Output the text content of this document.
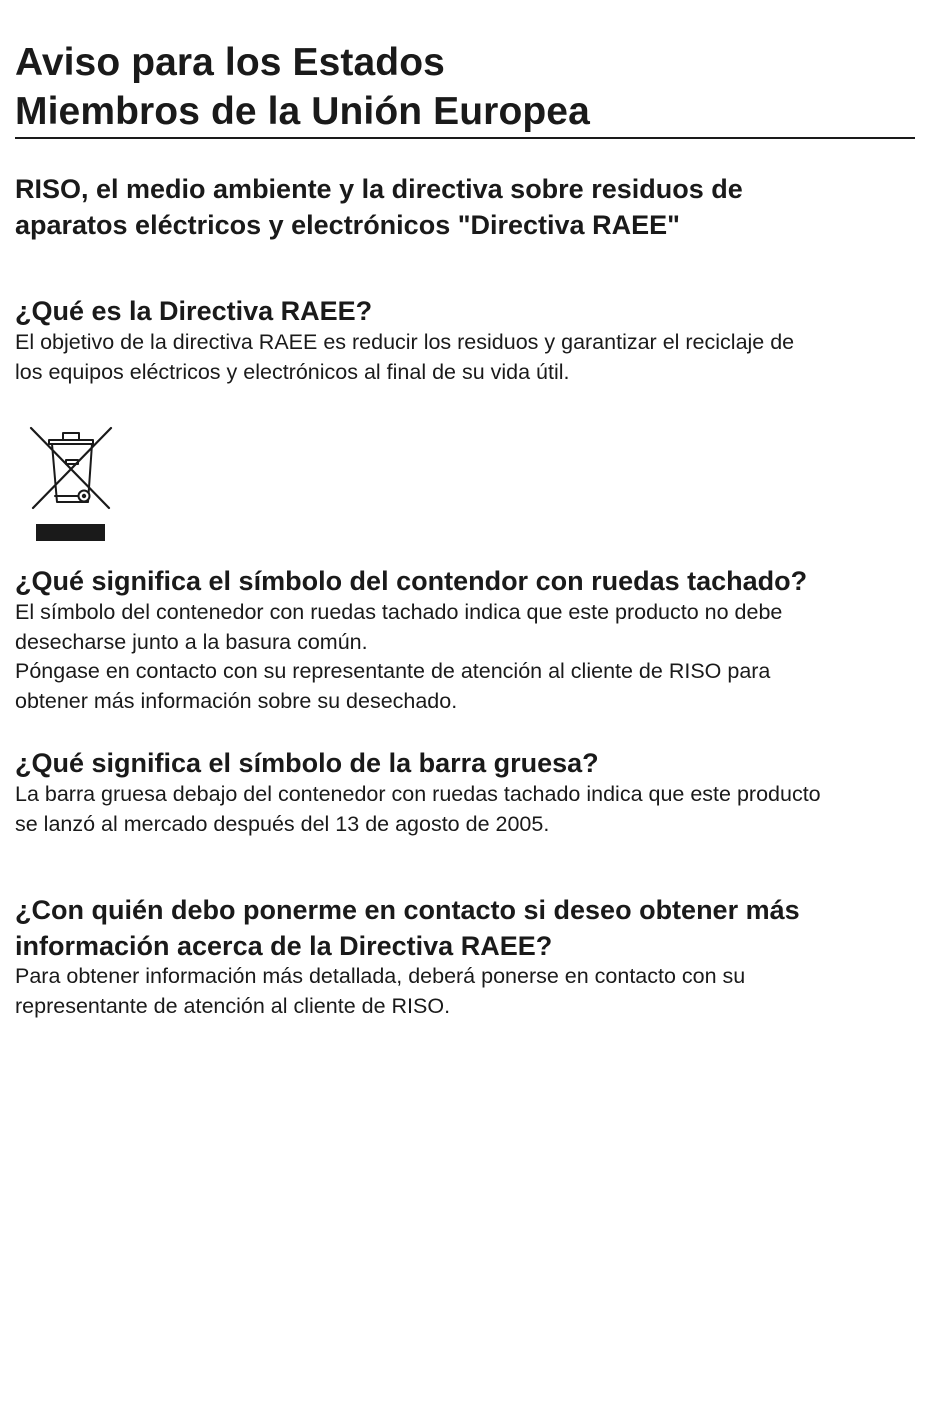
Aviso para los Estados
Miembros de la Unión Europea
RISO, el medio ambiente y la directiva sobre residuos de
aparatos eléctricos y electrónicos "Directiva RAEE"
¿Qué es la Directiva RAEE?

El objetivo de la directiva RAEE es reducir los residuos y garantizar el reciclaje de
los equipos eléctricos y electrónicos al final de su vida útil.

¿Qué significa el símbolo del contendor con ruedas tachado?

El símbolo del contenedor con ruedas tachado indica que este producto no debe
desecharse junto a la basura común.
Póngase en contacto con su representante de atención al cliente de RISO para
obtener más información sobre su desechado.

¿Qué significa el símbolo de la barra gruesa?

La barra gruesa debajo del contenedor con ruedas tachado indica que este producto
se lanzó al mercado después del 13 de agosto de 2005.

¿Con quién debo ponerme en contacto si deseo obtener más
información acerca de la Directiva RAEE?

Para obtener información más detallada, deberá ponerse en contacto con su
representante de atención al cliente de RISO.
